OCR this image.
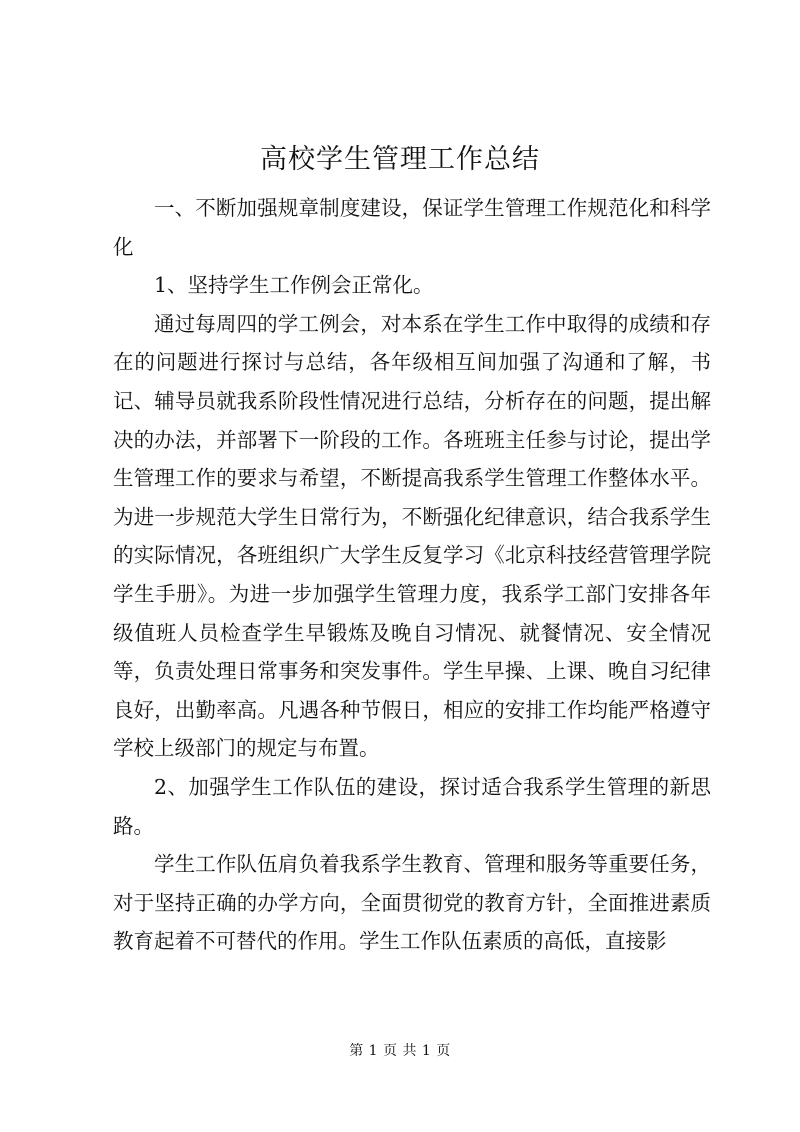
高校学生管理工作总结

一、不断加强规章制度建设，保证学生管理工作规范化和科学化

1、坚持学生工作例会正常化。

通过每周四的学工例会，对本系在学生工作中取得的成绩和存在的问题进行探讨与总结，各年级相互间加强了沟通和了解，书记、辅导员就我系阶段性情况进行总结，分析存在的问题，提出解决的办法，并部署下一阶段的工作。各班班主任参与讨论，提出学生管理工作的要求与希望，不断提高我系学生管理工作整体水平。为进一步规范大学生日常行为，不断强化纪律意识，结合我系学生的实际情况，各班组织广大学生反复学习《北京科技经营管理学院学生手册》。为进一步加强学生管理力度，我系学工部门安排各年级值班人员检查学生早锻炼及晚自习情况、就餐情况、安全情况等，负责处理日常事务和突发事件。学生早操、上课、晚自习纪律良好，出勤率高。凡遇各种节假日，相应的安排工作均能严格遵守学校上级部门的规定与布置。

2、加强学生工作队伍的建设，探讨适合我系学生管理的新思路。

学生工作队伍肩负着我系学生教育、管理和服务等重要任务，对于坚持正确的办学方向，全面贯彻党的教育方针，全面推进素质教育起着不可替代的作用。学生工作队伍素质的高低，直接影

第 1 页 共 1 页
